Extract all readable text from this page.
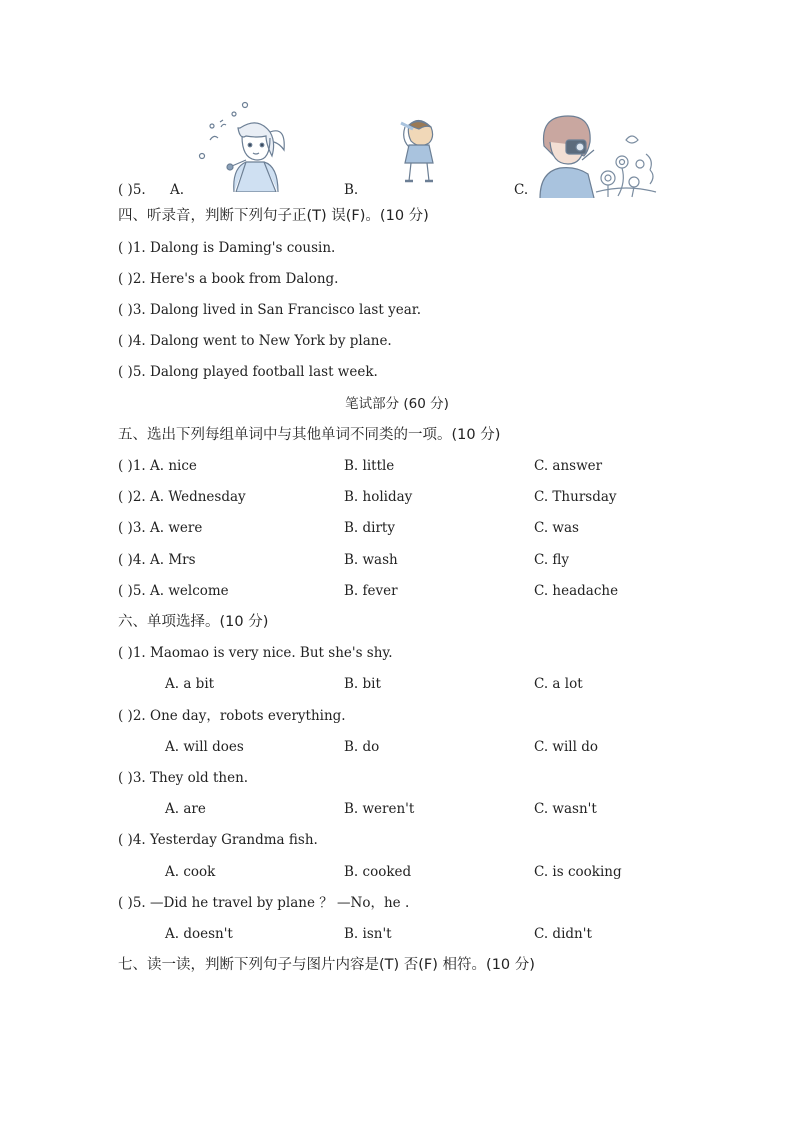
( )5. A.	B.	C.
四、听录音，判断下列句子正(T) 误(F)。(10 分)
( )1. Dalong is Daming's cousin.
( )2. Here's a book from Dalong.
( )3. Dalong lived in San Francisco last year.
( )4. Dalong went to New York by plane.
( )5. Dalong played football last week.
笔试部分 (60 分)
五、选出下列每组单词中与其他单词不同类的一项。(10 分)
( )1. A. nice	B. little	C. answer
( )2. A. Wednesday	B. holiday	C. Thursday
( )3. A. were	B. dirty	C. was
( )4. A. Mrs	B. wash	C. fly
( )5. A. welcome	B. fever	C. headache
六、单项选择。(10 分)
( )1. Maomao is very nice. But she's shy.
A. a bit	B. bit	C. a lot
( )2. One day，robots everything.
A. will does	B. do	C. will do
( )3. They old then.
A. are	B. weren't	C. wasn't
( )4. Yesterday Grandma fish.
A. cook	B. cooked	C. is cooking
( )5. —Did he travel by plane ？ —No，he .
A. doesn't	B. isn't	C. didn't
七、读一读，判断下列句子与图片内容是(T) 否(F) 相符。(10 分)
